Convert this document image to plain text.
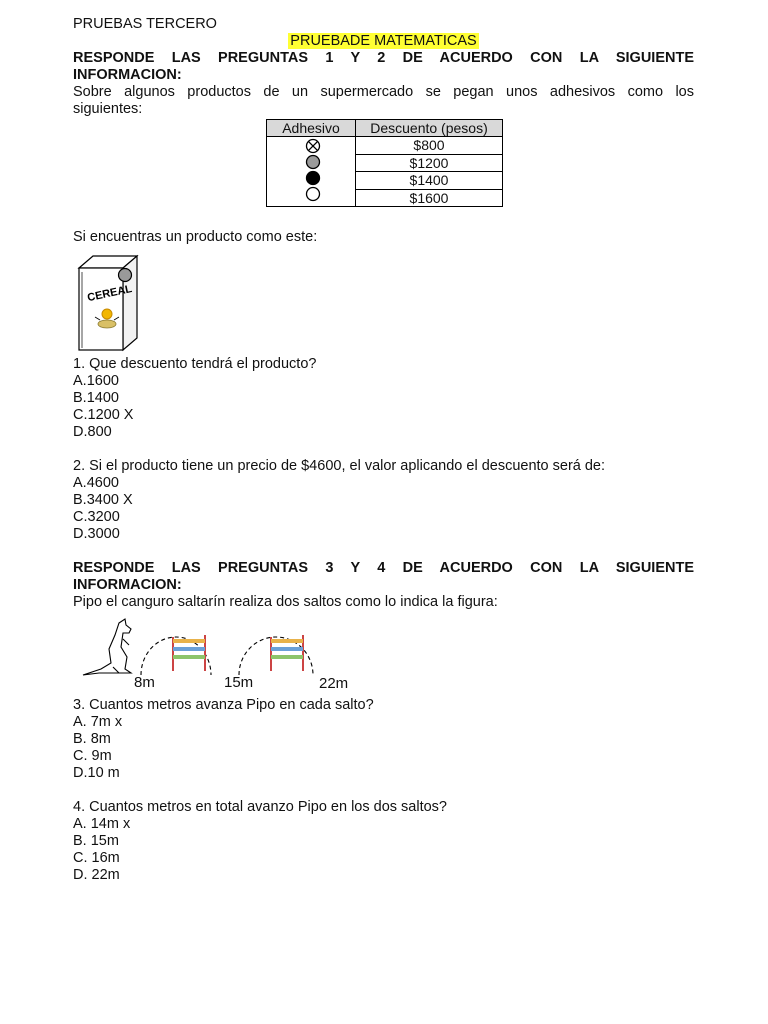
PRUEBAS TERCERO
PRUEBADE MATEMATICAS
RESPONDE LAS PREGUNTAS 1 Y 2 DE ACUERDO CON LA SIGUIENTE
INFORMACION:
Sobre algunos productos de un supermercado se pegan unos adhesivos como los
siguientes:
Adhesivo	Descuento (pesos)
	$800
	$1200
	$1400
	$1600
Si encuentras un producto como este:
CEREAL
1. Que descuento tendrá el producto?
A.1600
B.1400
C.1200 X
D.800
2. Si el producto tiene un precio de $4600, el valor aplicando el descuento será de:
A.4600
B.3400 X
C.3200
D.3000
RESPONDE LAS PREGUNTAS 3 Y 4 DE ACUERDO CON LA SIGUIENTE
INFORMACION:
Pipo el canguro saltarín realiza dos saltos como lo indica la figura:
8m	15m	22m
3. Cuantos metros avanza Pipo en cada salto?
A. 7m x
B. 8m
C. 9m
D.10 m
4. Cuantos metros en total avanzo Pipo en los dos saltos?
A. 14m x
B. 15m
C. 16m
D. 22m
